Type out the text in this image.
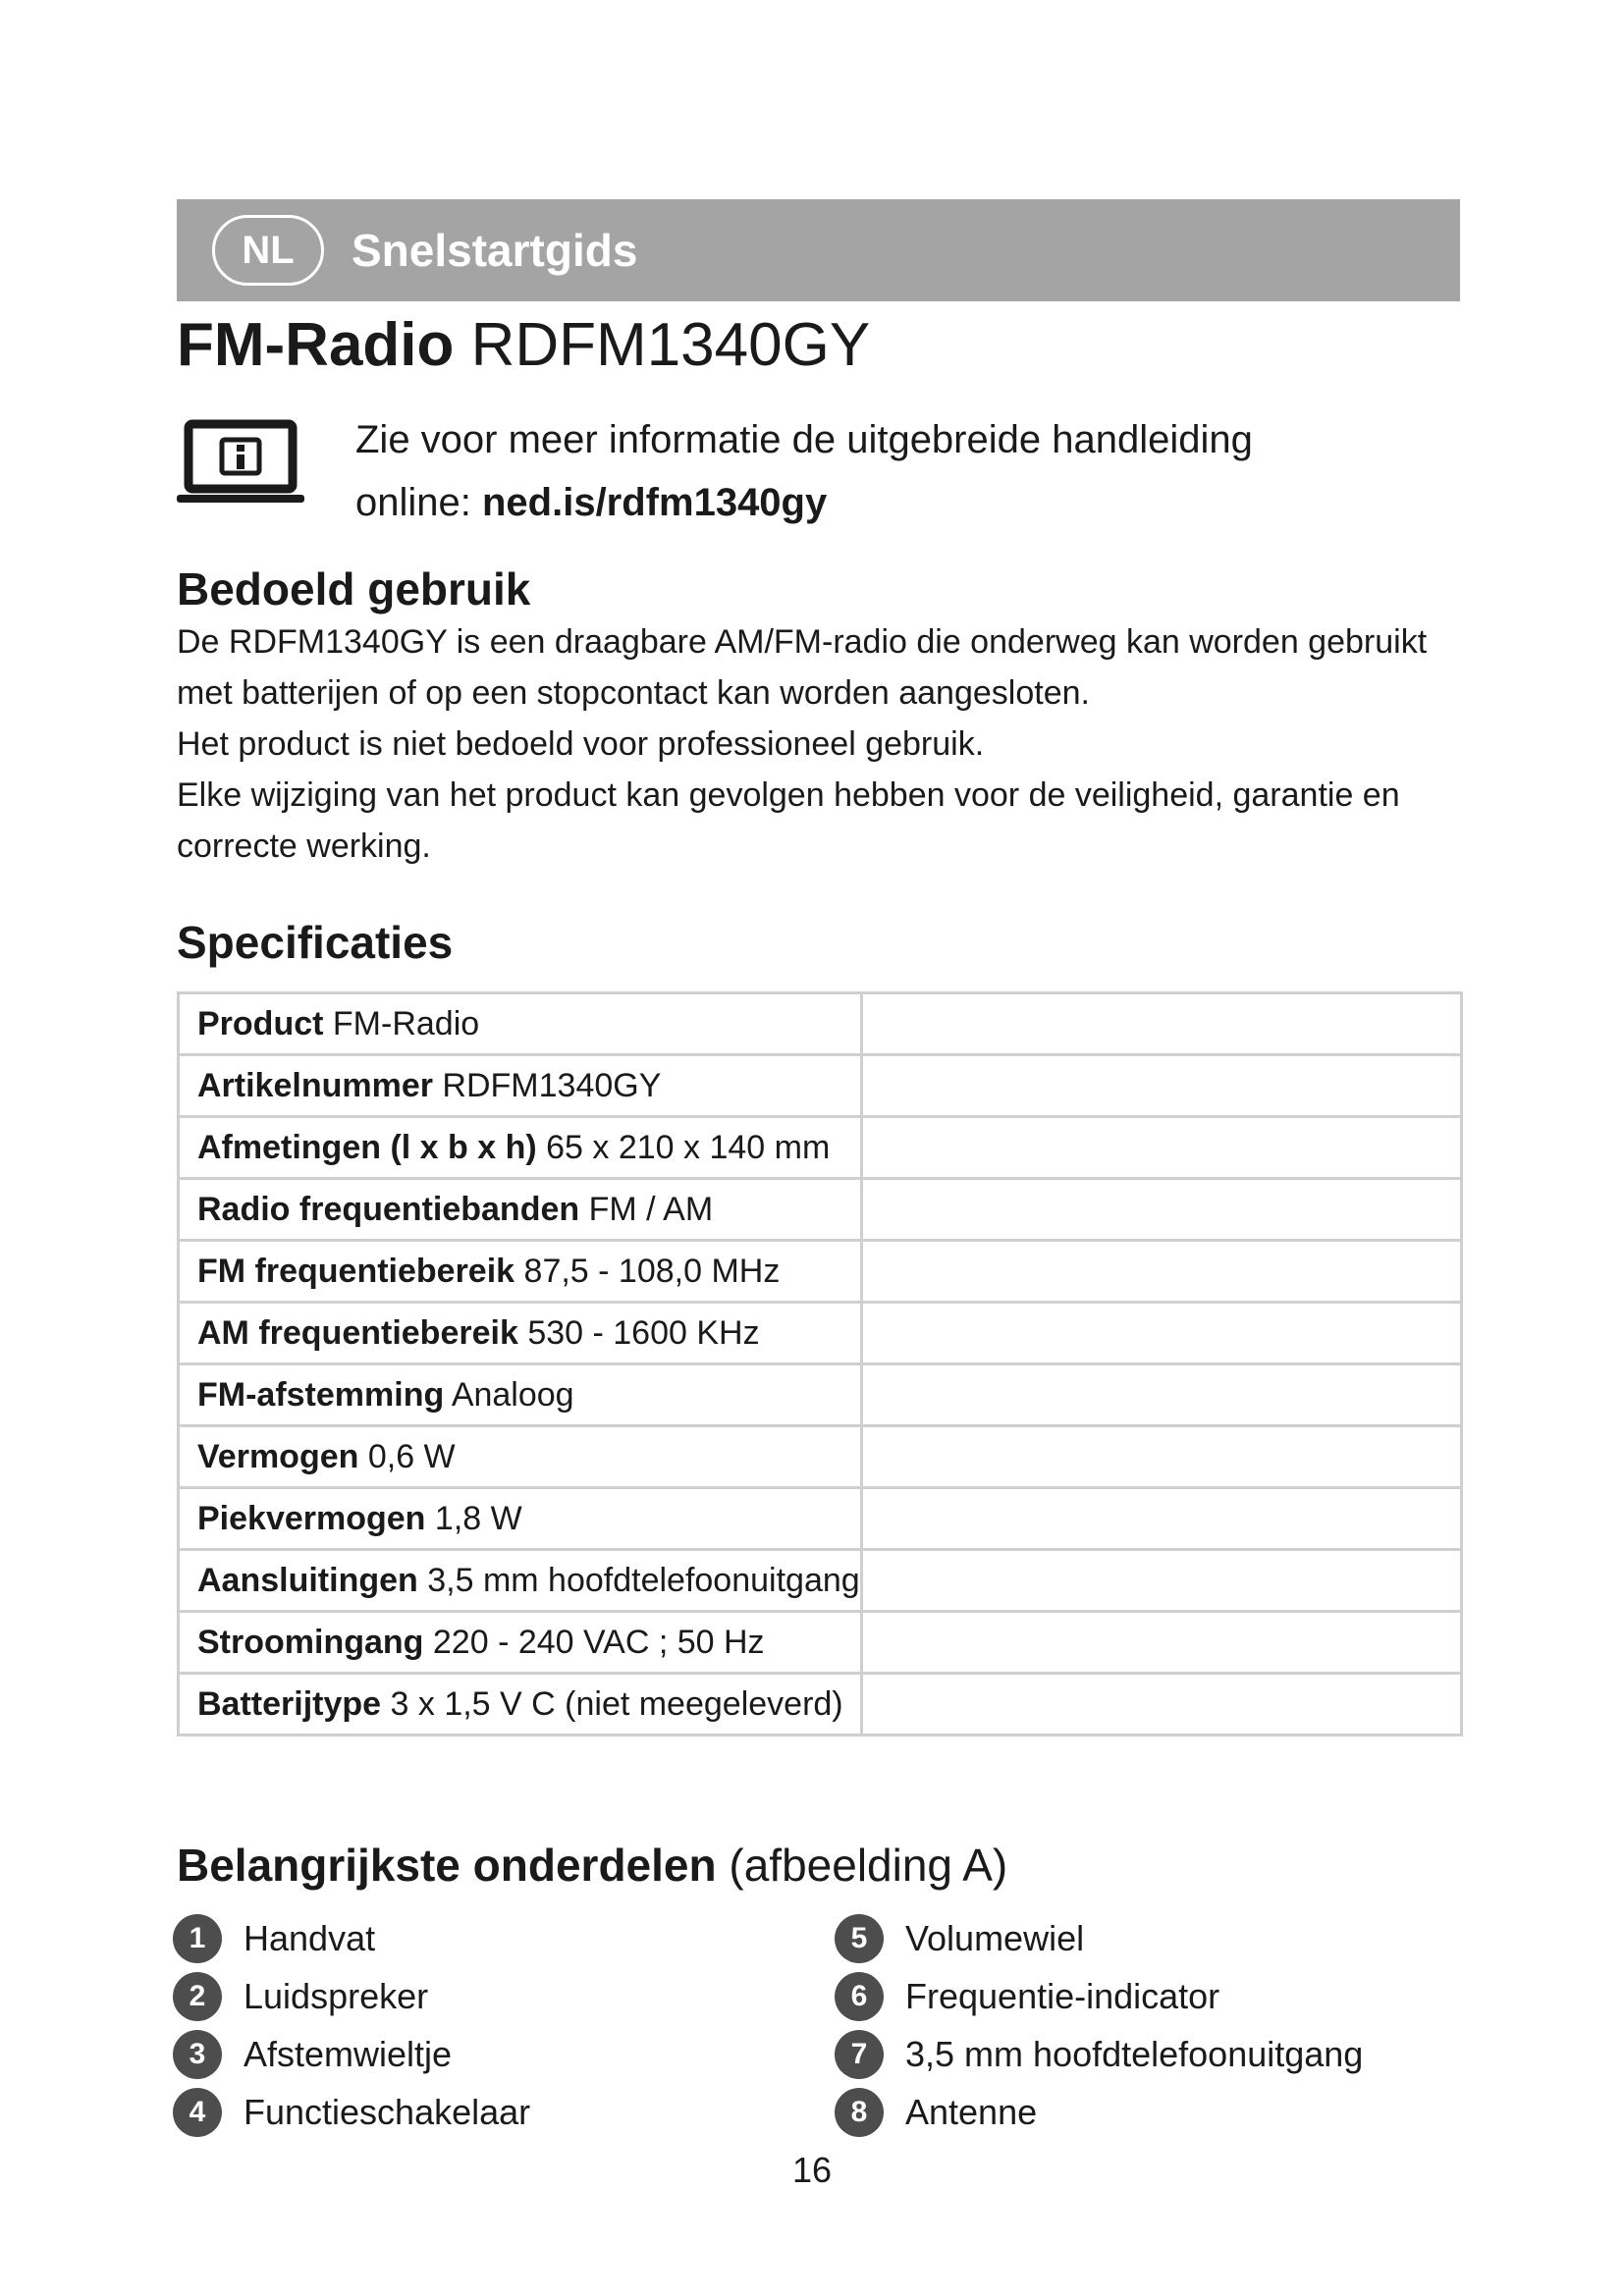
NL	Snelstartgids
FM-Radio RDFM1340GY
Zie voor meer informatie de uitgebreide handleiding
online: ned.is/rdfm1340gy
Bedoeld gebruik

De RDFM1340GY is een draagbare AM/FM-radio die onderweg kan worden gebruikt met batterijen of op een stopcontact kan worden aangesloten.

Het product is niet bedoeld voor professioneel gebruik.

Elke wijziging van het product kan gevolgen hebben voor de veiligheid, garantie en correcte werking.

Specificaties
Product FM-Radio	
Artikelnummer RDFM1340GY	
Afmetingen (l x b x h) 65 x 210 x 140 mm	
Radio frequentiebanden FM / AM	
FM frequentiebereik 87,5 - 108,0 MHz	
AM frequentiebereik 530 - 1600 KHz	
FM-afstemming Analoog	
Vermogen 0,6 W	
Piekvermogen 1,8 W	
Aansluitingen 3,5 mm hoofdtelefoonuitgang	
Stroomingang 220 - 240 VAC ; 50 Hz	
Batterijtype 3 x 1,5 V C (niet meegeleverd)	
Belangrijkste onderdelen (afbeelding A)
1	Handvat
2	Luidspreker
3	Afstemwieltje
4	Functieschakelaar
5	Volumewiel
6	Frequentie-indicator
7	3,5 mm hoofdtelefoonuitgang
8	Antenne
16
